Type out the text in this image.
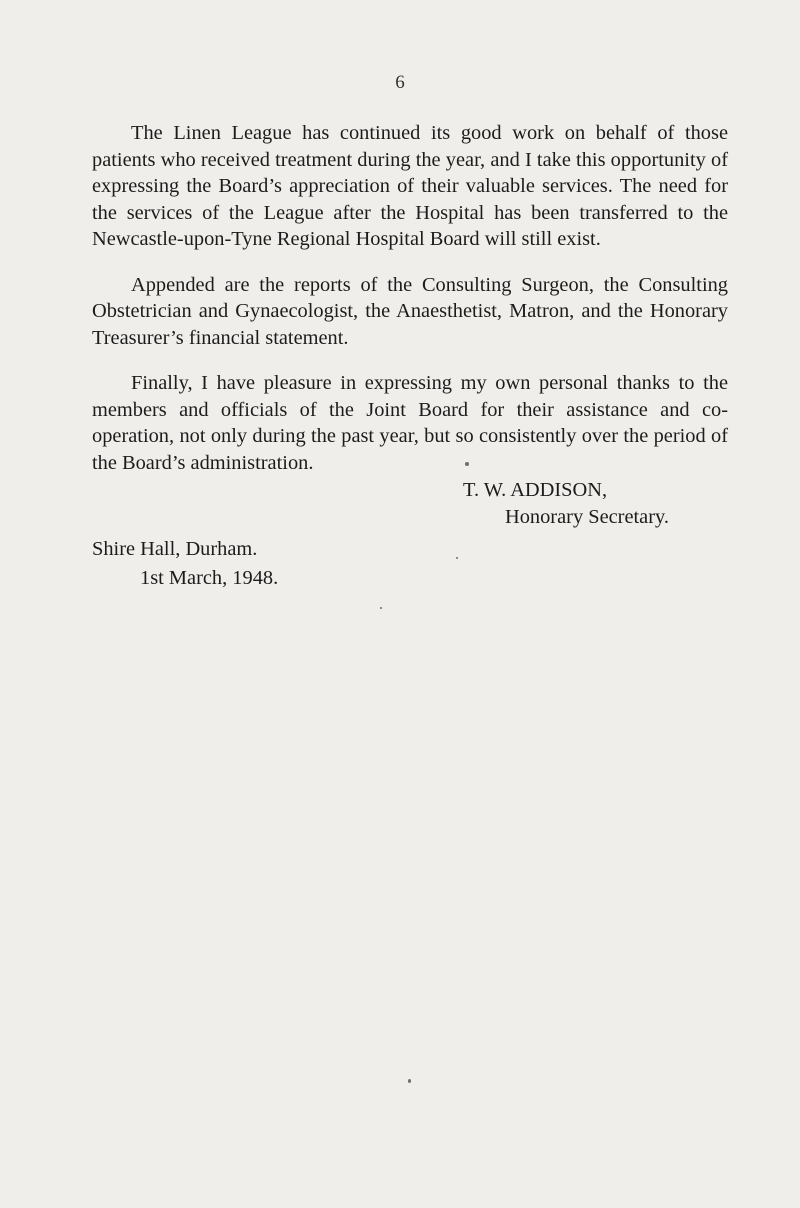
6

The Linen League has continued its good work on behalf of those patients who received treatment during the year, and I take this opportunity of expressing the Board’s appreciation of their valuable services. The need for the services of the League after the Hospital has been transferred to the Newcastle-upon-Tyne Regional Hospital Board will still exist.

Appended are the reports of the Consulting Surgeon, the Consulting Obstetrician and Gynaecologist, the Anaesthetist, Matron, and the Honorary Treasurer’s financial statement.

Finally, I have pleasure in expressing my own personal thanks to the members and officials of the Joint Board for their assistance and co-operation, not only during the past year, but so consistently over the period of the Board’s administration.

T. W. ADDISON,
Honorary Secretary.
Shire Hall, Durham.
1st March, 1948.
